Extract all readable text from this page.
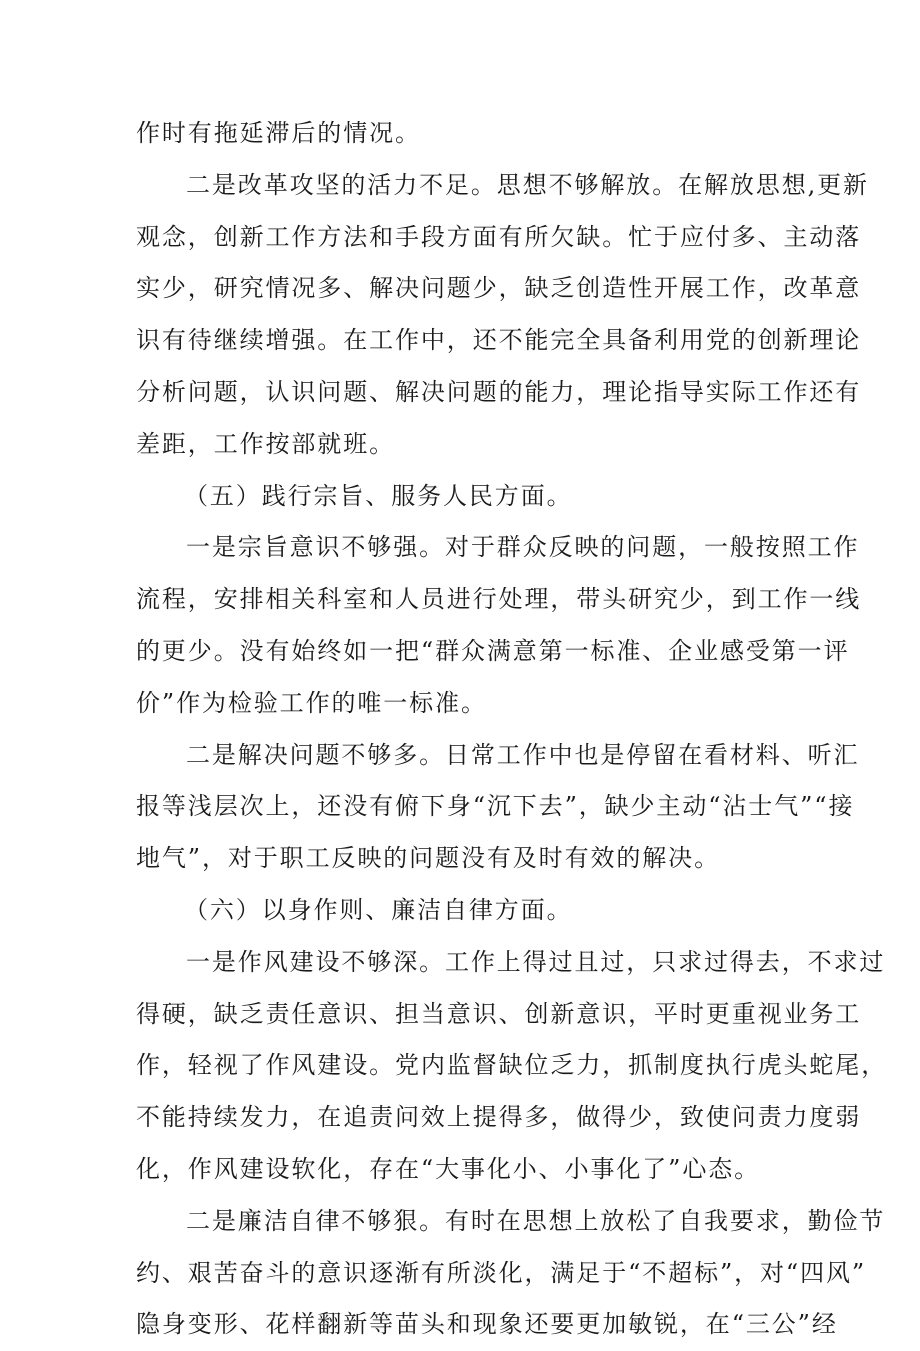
作时有拖延滞后的情况。
二是改革攻坚的活力不足。思想不够解放。在解放思想,更新
观念，创新工作方法和手段方面有所欠缺。忙于应付多、主动落
实少，研究情况多、解决问题少，缺乏创造性开展工作，改革意
识有待继续增强。在工作中，还不能完全具备利用党的创新理论
分析问题，认识问题、解决问题的能力，理论指导实际工作还有
差距，工作按部就班。
（五）践行宗旨、服务人民方面。
一是宗旨意识不够强。对于群众反映的问题，一般按照工作
流程，安排相关科室和人员进行处理，带头研究少，到工作一线
的更少。没有始终如一把“群众满意第一标准、企业感受第一评
价”作为检验工作的唯一标准。
二是解决问题不够多。日常工作中也是停留在看材料、听汇
报等浅层次上，还没有俯下身“沉下去”，缺少主动“沾士气”“接
地气”，对于职工反映的问题没有及时有效的解决。
（六）以身作则、廉洁自律方面。
一是作风建设不够深。工作上得过且过，只求过得去，不求过
得硬，缺乏责任意识、担当意识、创新意识，平时更重视业务工
作，轻视了作风建设。党内监督缺位乏力，抓制度执行虎头蛇尾，
不能持续发力，在追责问效上提得多，做得少，致使问责力度弱
化，作风建设软化，存在“大事化小、小事化了”心态。
二是廉洁自律不够狠。有时在思想上放松了自我要求，勤俭节
约、艰苦奋斗的意识逐渐有所淡化，满足于“不超标”，对“四风”
隐身变形、花样翻新等苗头和现象还要更加敏锐，在“三公”经
